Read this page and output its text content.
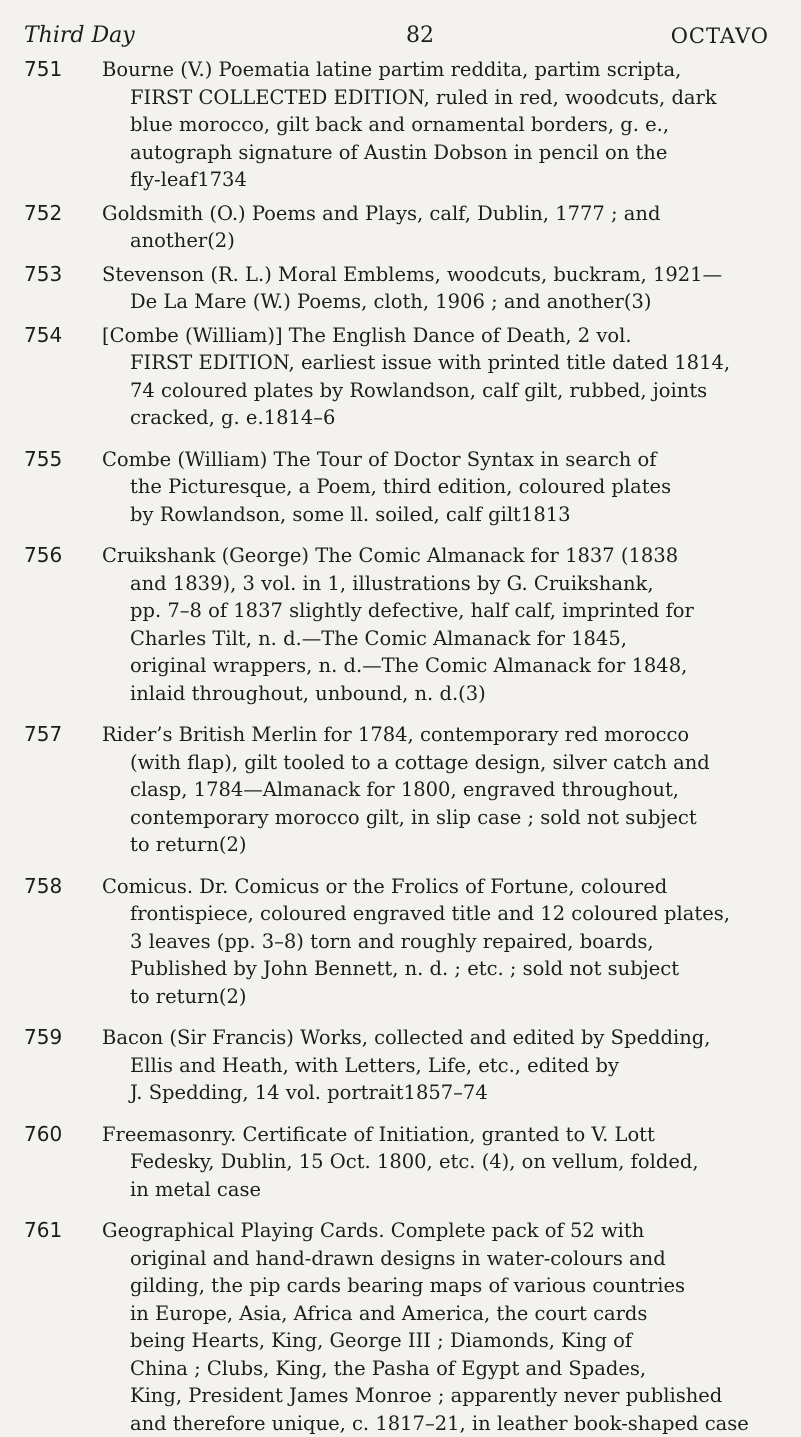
Third Day	82	OCTAVO
751 Bourne (V.) Poematia latine partim reddita, partim scripta,
FIRST COLLECTED EDITION, ruled in red, woodcuts, dark
blue morocco, gilt back and ornamental borders, g. e.,
autograph signature of Austin Dobson in pencil on the
fly-leaf1734
752 Goldsmith (O.) Poems and Plays, calf, Dublin, 1777 ; and
another(2)
753 Stevenson (R. L.) Moral Emblems, woodcuts, buckram, 1921—
De La Mare (W.) Poems, cloth, 1906 ; and another(3)
754 [Combe (William)] The English Dance of Death, 2 vol.
FIRST EDITION, earliest issue with printed title dated 1814,
74 coloured plates by Rowlandson, calf gilt, rubbed, joints
cracked, g. e.1814–6
755 Combe (William) The Tour of Doctor Syntax in search of
the Picturesque, a Poem, third edition, coloured plates
by Rowlandson, some ll. soiled, calf gilt1813
756 Cruikshank (George) The Comic Almanack for 1837 (1838
and 1839), 3 vol. in 1, illustrations by G. Cruikshank,
pp. 7–8 of 1837 slightly defective, half calf, imprinted for
Charles Tilt, n. d.—The Comic Almanack for 1845,
original wrappers, n. d.—The Comic Almanack for 1848,
inlaid throughout, unbound, n. d.(3)
757 Rider’s British Merlin for 1784, contemporary red morocco
(with flap), gilt tooled to a cottage design, silver catch and
clasp, 1784—Almanack for 1800, engraved throughout,
contemporary morocco gilt, in slip case ; sold not subject
to return(2)
758 Comicus. Dr. Comicus or the Frolics of Fortune, coloured
frontispiece, coloured engraved title and 12 coloured plates,
3 leaves (pp. 3–8) torn and roughly repaired, boards,
Published by John Bennett, n. d. ; etc. ; sold not subject
to return(2)
759 Bacon (Sir Francis) Works, collected and edited by Spedding,
Ellis and Heath, with Letters, Life, etc., edited by
J. Spedding, 14 vol. portrait1857–74
760 Freemasonry. Certificate of Initiation, granted to V. Lott
Fedesky, Dublin, 15 Oct. 1800, etc. (4), on vellum, folded,
in metal case
761 Geographical Playing Cards. Complete pack of 52 with
original and hand-drawn designs in water-colours and
gilding, the pip cards bearing maps of various countries
in Europe, Asia, Africa and America, the court cards
being Hearts, King, George III ; Diamonds, King of
China ; Clubs, King, the Pasha of Egypt and Spades,
King, President James Monroe ; apparently never published
and therefore unique, c. 1817–21, in leather book-shaped case
